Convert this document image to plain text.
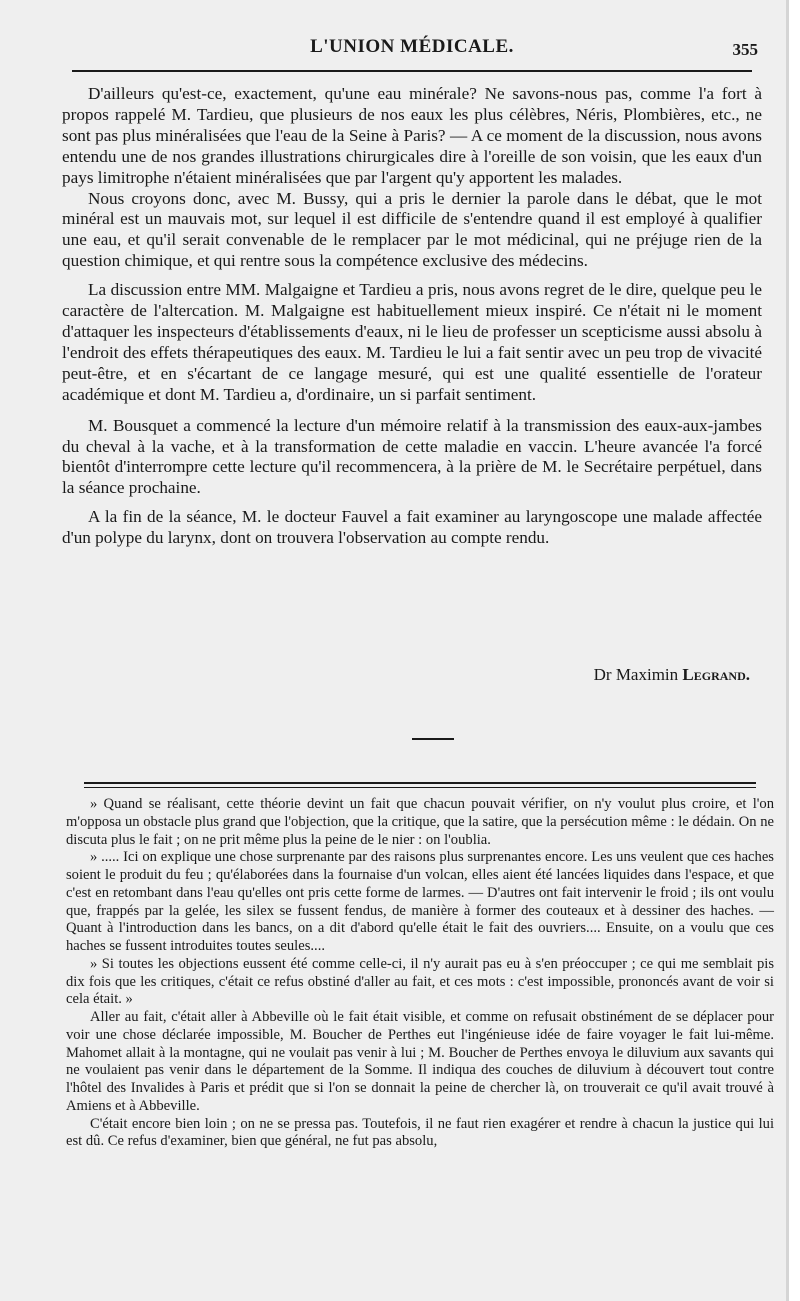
L'UNION MÉDICALE.	355

D'ailleurs qu'est-ce, exactement, qu'une eau minérale? Ne savons-nous pas, comme l'a fort à propos rappelé M. Tardieu, que plusieurs de nos eaux les plus célèbres, Néris, Plombières, etc., ne sont pas plus minéralisées que l'eau de la Seine à Paris? — A ce moment de la discussion, nous avons entendu une de nos grandes illustrations chirurgicales dire à l'oreille de son voisin, que les eaux d'un pays limitrophe n'étaient minéralisées que par l'argent qu'y apportent les malades.

Nous croyons donc, avec M. Bussy, qui a pris le dernier la parole dans le débat, que le mot minéral est un mauvais mot, sur lequel il est difficile de s'entendre quand il est employé à qualifier une eau, et qu'il serait convenable de le remplacer par le mot médicinal, qui ne préjuge rien de la question chimique, et qui rentre sous la compétence exclusive des médecins.

La discussion entre MM. Malgaigne et Tardieu a pris, nous avons regret de le dire, quelque peu le caractère de l'altercation. M. Malgaigne est habituellement mieux inspiré. Ce n'était ni le moment d'attaquer les inspecteurs d'établissements d'eaux, ni le lieu de professer un scepticisme aussi absolu à l'endroit des effets thérapeutiques des eaux. M. Tardieu le lui a fait sentir avec un peu trop de vivacité peut-être, et en s'écartant de ce langage mesuré, qui est une qualité essentielle de l'orateur académique et dont M. Tardieu a, d'ordinaire, un si parfait sentiment.

M. Bousquet a commencé la lecture d'un mémoire relatif à la transmission des eaux-aux-jambes du cheval à la vache, et à la transformation de cette maladie en vaccin. L'heure avancée l'a forcé bientôt d'interrompre cette lecture qu'il recommencera, à la prière de M. le Secrétaire perpétuel, dans la séance prochaine.

A la fin de la séance, M. le docteur Fauvel a fait examiner au laryngoscope une malade affectée d'un polype du larynx, dont on trouvera l'observation au compte rendu.

Dr Maximin Legrand.

» Quand se réalisant, cette théorie devint un fait que chacun pouvait vérifier, on n'y voulut plus croire, et l'on m'opposa un obstacle plus grand que l'objection, que la critique, que la satire, que la persécution même : le dédain. On ne discuta plus le fait ; on ne prit même plus la peine de le nier : on l'oublia.

» ..... Ici on explique une chose surprenante par des raisons plus surprenantes encore. Les uns veulent que ces haches soient le produit du feu ; qu'élaborées dans la fournaise d'un volcan, elles aient été lancées liquides dans l'espace, et que c'est en retombant dans l'eau qu'elles ont pris cette forme de larmes. — D'autres ont fait intervenir le froid ; ils ont voulu que, frappés par la gelée, les silex se fussent fendus, de manière à former des couteaux et à dessiner des haches. — Quant à l'introduction dans les bancs, on a dit d'abord qu'elle était le fait des ouvriers.... Ensuite, on a voulu que ces haches se fussent introduites toutes seules....

» Si toutes les objections eussent été comme celle-ci, il n'y aurait pas eu à s'en préoccuper ; ce qui me semblait pis dix fois que les critiques, c'était ce refus obstiné d'aller au fait, et ces mots : c'est impossible, prononcés avant de voir si cela était. »

Aller au fait, c'était aller à Abbeville où le fait était visible, et comme on refusait obstinément de se déplacer pour voir une chose déclarée impossible, M. Boucher de Perthes eut l'ingénieuse idée de faire voyager le fait lui-même. Mahomet allait à la montagne, qui ne voulait pas venir à lui ; M. Boucher de Perthes envoya le diluvium aux savants qui ne voulaient pas venir dans le département de la Somme. Il indiqua des couches de diluvium à découvert tout contre l'hôtel des Invalides à Paris et prédit que si l'on se donnait la peine de chercher là, on trouverait ce qu'il avait trouvé à Amiens et à Abbeville.

C'était encore bien loin ; on ne se pressa pas. Toutefois, il ne faut rien exagérer et rendre à chacun la justice qui lui est dû. Ce refus d'examiner, bien que général, ne fut pas absolu,
